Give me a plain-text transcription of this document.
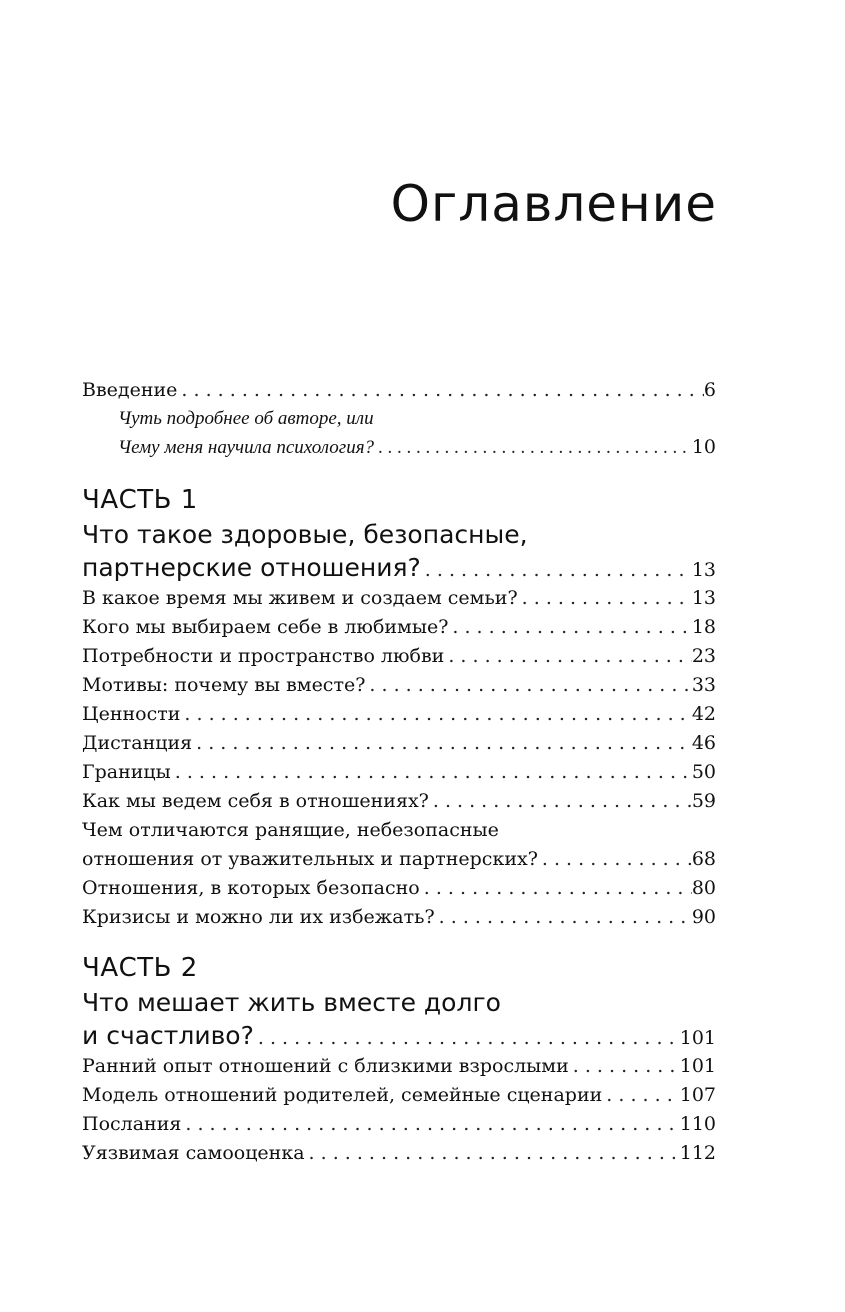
Оглавление
Введение . . .	6
Чуть подробнее об авторе, или
Чему меня научила психология? . . .	10
ЧАСТЬ 1
Что такое здоровые, безопасные,
партнерские отношения? . . .	13
В какое время мы живем и создаем семьи? . . .	13
Кого мы выбираем себе в любимые? . . .	18
Потребности и пространство любви . . .	23
Мотивы: почему вы вместе? . . .	33
Ценности . . .	42
Дистанция . . .	46
Границы . . .	50
Как мы ведем себя в отношениях? . . .	59
Чем отличаются ранящие, небезопасные
отношения от уважительных и партнерских? . . .	68
Отношения, в которых безопасно . . .	80
Кризисы и можно ли их избежать? . . .	90
ЧАСТЬ 2
Что мешает жить вместе долго
и счастливо? . . .	101
Ранний опыт отношений с близкими взрослыми . . .	101
Модель отношений родителей, семейные сценарии . . .	107
Послания . . .	110
Уязвимая самооценка . . .	112
